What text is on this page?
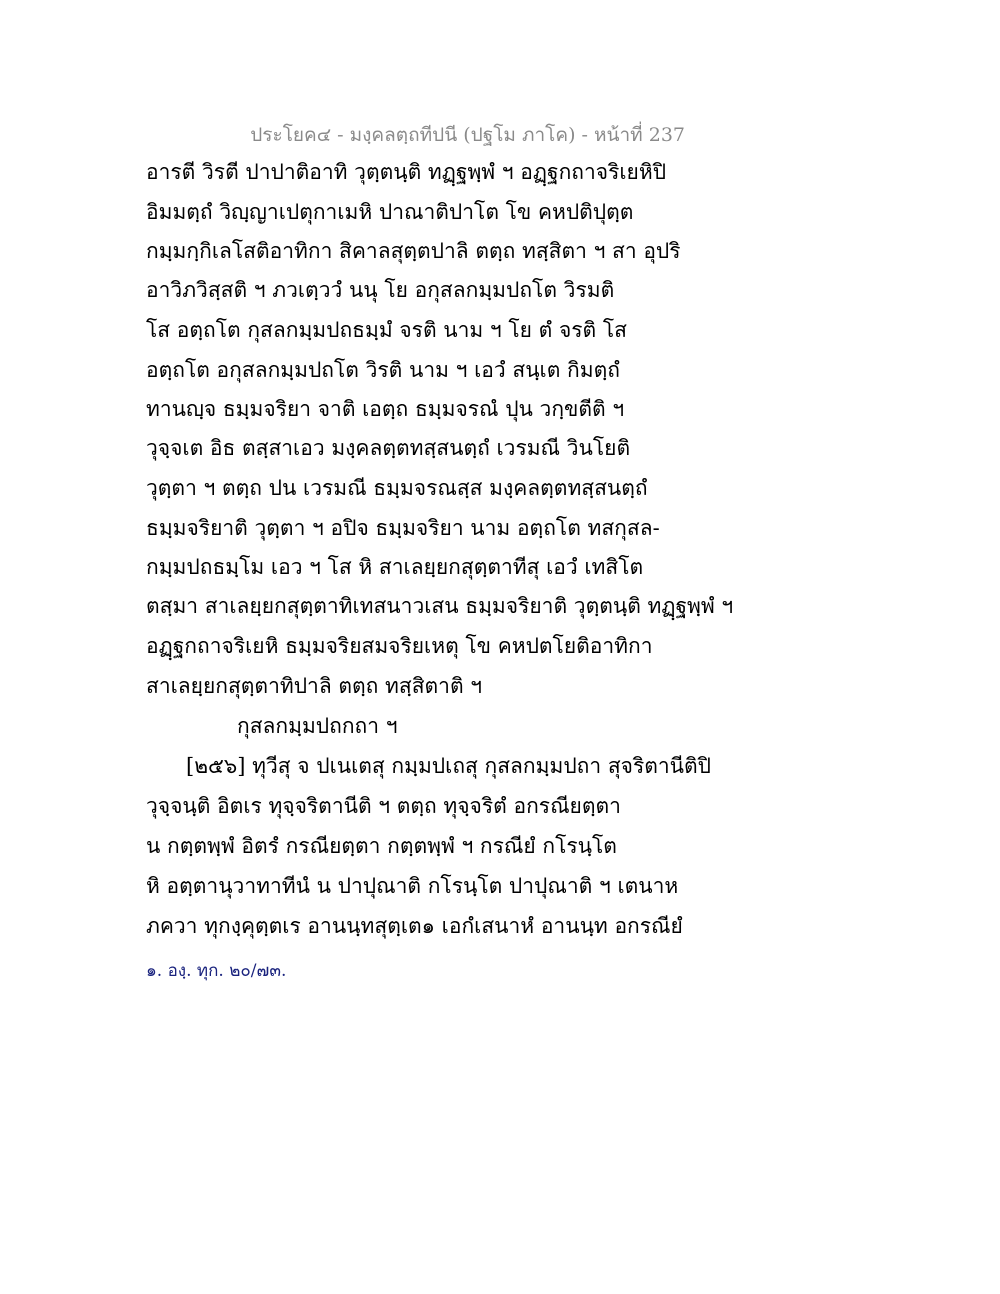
ประโยค๔ - มงฺคลตฺถทีปนี (ปฐโม ภาโค) - หน้าที่ 237
อารตี วิรตี ปาปาติอาทิ วุตฺตนฺติ ทฏฺฐพฺพํ ฯ อฏฺฐกถาจริเยหิปิ
อิมมตฺถํ วิญฺญาเปตุกาเมหิ ปาณาติปาโต โข คหปติปุตฺต
กมฺมกฺกิเลโสติอาทิกา สิคาลสุตฺตปาลิ ตตฺถ ทสฺสิตา ฯ สา อุปริ
อาวิภวิสฺสติ ฯ ภวเตฺววํ นนุ โย อกุสลกมฺมปถโต วิรมติ
โส อตฺถโต กุสลกมฺมปถธมฺมํ จรติ นาม ฯ โย ตํ จรติ โส
อตฺถโต อกุสลกมฺมปถโต วิรติ นาม ฯ เอวํ สนฺเต กิมตฺถํ
ทานญฺจ ธมฺมจริยา จาติ เอตฺถ ธมฺมจรณํ ปุน วกฺขตีติ ฯ
วุจฺจเต อิธ ตสฺสาเอว มงฺคลตฺตทสฺสนตฺถํ เวรมณี วินโยติ
วุตฺตา ฯ ตตฺถ ปน เวรมณี ธมฺมจรณสฺส มงฺคลตฺตทสฺสนตฺถํ
ธมฺมจริยาติ วุตฺตา ฯ อปิจ ธมฺมจริยา นาม อตฺถโต ทสกุสล-
กมฺมปถธมฺโม เอว ฯ โส หิ สาเลยฺยกสุตฺตาทีสุ เอวํ เทสิโต
ตสฺมา สาเลยฺยกสุตฺตาทิเทสนาวเสน ธมฺมจริยาติ วุตฺตนฺติ ทฏฺฐพฺพํ ฯ
อฏฺฐกถาจริเยหิ ธมฺมจริยสมจริยเหตุ โข คหปตโยติอาทิกา
สาเลยฺยกสุตฺตาทิปาลิ ตตฺถ ทสฺสิตาติ ฯ
กุสลกมฺมปถกถา ฯ
[๒๕๖] ทุวีสุ จ ปเนเตสุ กมฺมปเถสุ กุสลกมฺมปถา สุจริตานีติปิ
วุจฺจนฺติ อิตเร ทุจฺจริตานีติ ฯ ตตฺถ ทุจฺจริตํ อกรณียตฺตา
น กตฺตพฺพํ อิตรํ กรณียตฺตา กตฺตพฺพํ ฯ กรณียํ กโรนฺโต
หิ อตฺตานุวาทาทีนํ น ปาปุณาติ กโรนฺโต ปาปุณาติ ฯ เตนาห
ภควา ทุกงฺคุตฺตเร อานนฺทสุตฺเต๑ เอกํเสนาหํ อานนฺท อกรณียํ
๑. องฺ. ทุก. ๒๐/๗๓.
